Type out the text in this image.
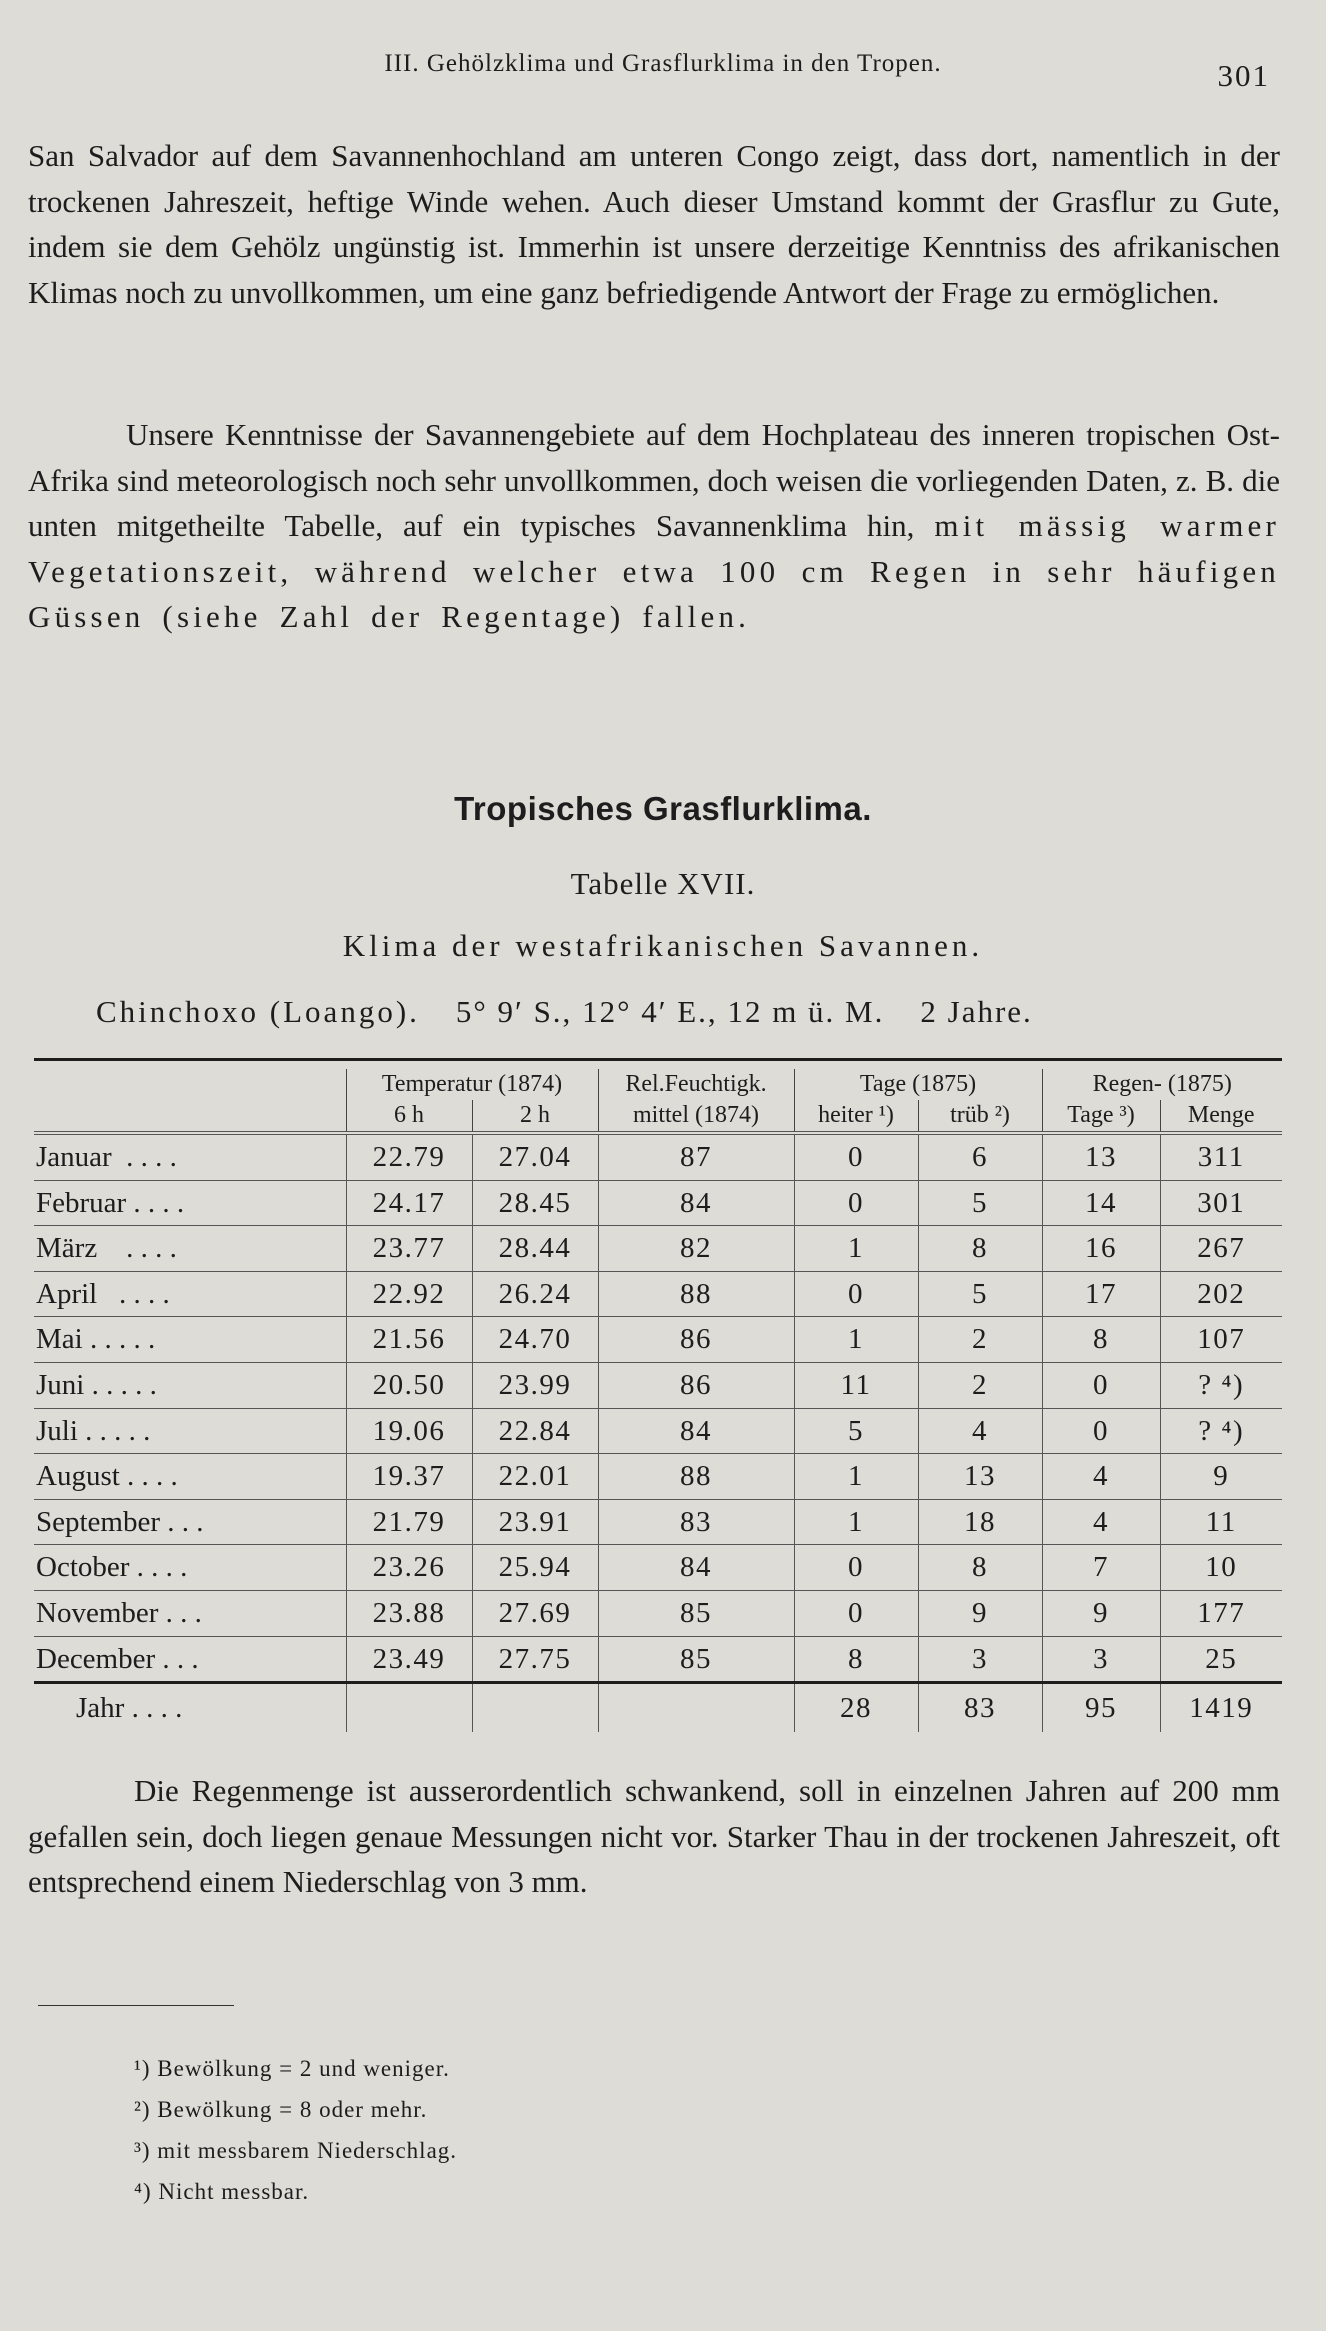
III. Gehölzklima und Grasflurklima in den Tropen.	301

San Salvador auf dem Savannenhochland am unteren Congo zeigt, dass dort, namentlich in der trockenen Jahreszeit, heftige Winde wehen. Auch dieser Umstand kommt der Grasflur zu Gute, indem sie dem Gehölz ungünstig ist. Immerhin ist unsere derzeitige Kenntniss des afrikanischen Klimas noch zu unvollkommen, um eine ganz befriedigende Antwort der Frage zu ermöglichen.

Unsere Kenntnisse der Savannengebiete auf dem Hochplateau des inneren tropischen Ost-Afrika sind meteorologisch noch sehr unvollkommen, doch weisen die vorliegenden Daten, z. B. die unten mitgetheilte Tabelle, auf ein typisches Savannenklima hin, mit mässig warmer Vegetationszeit, während welcher etwa 100 cm Regen in sehr häufigen Güssen (siehe Zahl der Regentage) fallen.

Tropisches Grasflurklima.
Tabelle XVII.
Klima der westafrikanischen Savannen.
Chinchoxo (Loango). 5° 9′ S., 12° 4′ E., 12 m ü. M. 2 Jahre.

	Temperatur (1874)		Rel.Feuchtigk.	Tage (1875)		Regen- (1875)	
	6 h	2 h	mittel (1874)	heiter ¹)	trüb ²)	Tage ³)	Menge
Januar  . . . .	22.79	27.04	87	0	6	13	311
Februar . . . .	24.17	28.45	84	0	5	14	301
März    . . . .	23.77	28.44	82	1	8	16	267
April   . . . .	22.92	26.24	88	0	5	17	202
Mai . . . . .	21.56	24.70	86	1	2	8	107
Juni . . . . .	20.50	23.99	86	11	2	0	? ⁴)
Juli . . . . .	19.06	22.84	84	5	4	0	? ⁴)
August . . . .	19.37	22.01	88	1	13	4	9
September . . .	21.79	23.91	83	1	18	4	11
October . . . .	23.26	25.94	84	0	8	7	10
November . . .	23.88	27.69	85	0	9	9	177
December . . .	23.49	27.75	85	8	3	3	25
Jahr . . . .				28	83	95	1419

Die Regenmenge ist ausserordentlich schwankend, soll in einzelnen Jahren auf 200 mm gefallen sein, doch liegen genaue Messungen nicht vor. Starker Thau in der trockenen Jahreszeit, oft entsprechend einem Niederschlag von 3 mm.

¹) Bewölkung = 2 und weniger.
²) Bewölkung = 8 oder mehr.
³) mit messbarem Niederschlag.
⁴) Nicht messbar.
